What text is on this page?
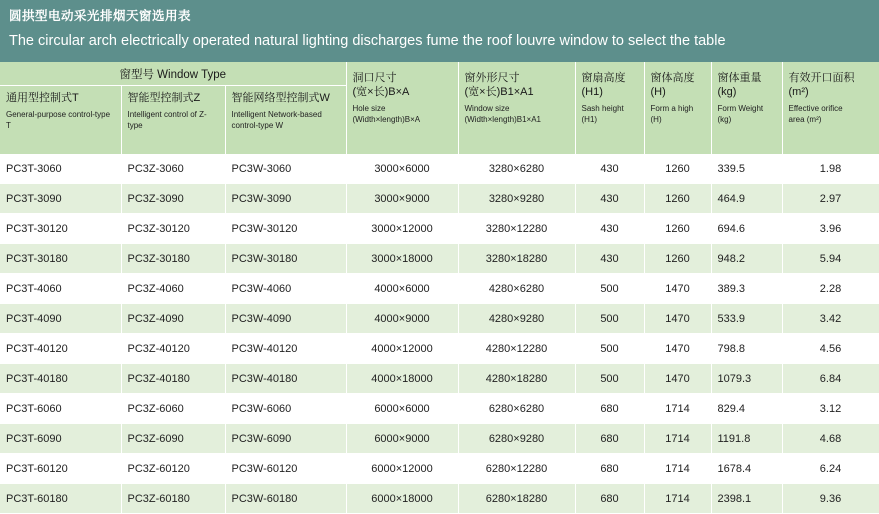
圆拱型电动采光排烟天窗选用表
The circular arch electrically operated natural lighting discharges fume the roof louvre window to select the table
窗型号 Window Type			洞口尺寸
(宽×长)B×A
Hole size
(Width×length)B×A	窗外形尺寸
(宽×长)B1×A1
Window size
(Width×length)B1×A1	窗扇高度
(H1)
Sash height
(H1)	窗体高度
(H)
Form a high
(H)	窗体重量
(kg)
Form Weight
(kg)	有效开口面积
(m²)
Effective orifice
area (m²)

通用型控制式T
General-purpose control-type T	智能型控制式Z
Intelligent control of Z-type	智能网络型控制式W
Intelligent Network-based control-type W						

PC3T-3060	PC3Z-3060	PC3W-3060	3000×6000	3280×6280	430	1260	339.5	1.98
PC3T-3090	PC3Z-3090	PC3W-3090	3000×9000	3280×9280	430	1260	464.9	2.97
PC3T-30120	PC3Z-30120	PC3W-30120	3000×12000	3280×12280	430	1260	694.6	3.96
PC3T-30180	PC3Z-30180	PC3W-30180	3000×18000	3280×18280	430	1260	948.2	5.94
PC3T-4060	PC3Z-4060	PC3W-4060	4000×6000	4280×6280	500	1470	389.3	2.28
PC3T-4090	PC3Z-4090	PC3W-4090	4000×9000	4280×9280	500	1470	533.9	3.42
PC3T-40120	PC3Z-40120	PC3W-40120	4000×12000	4280×12280	500	1470	798.8	4.56
PC3T-40180	PC3Z-40180	PC3W-40180	4000×18000	4280×18280	500	1470	1079.3	6.84
PC3T-6060	PC3Z-6060	PC3W-6060	6000×6000	6280×6280	680	1714	829.4	3.12
PC3T-6090	PC3Z-6090	PC3W-6090	6000×9000	6280×9280	680	1714	1191.8	4.68
PC3T-60120	PC3Z-60120	PC3W-60120	6000×12000	6280×12280	680	1714	1678.4	6.24
PC3T-60180	PC3Z-60180	PC3W-60180	6000×18000	6280×18280	680	1714	2398.1	9.36
